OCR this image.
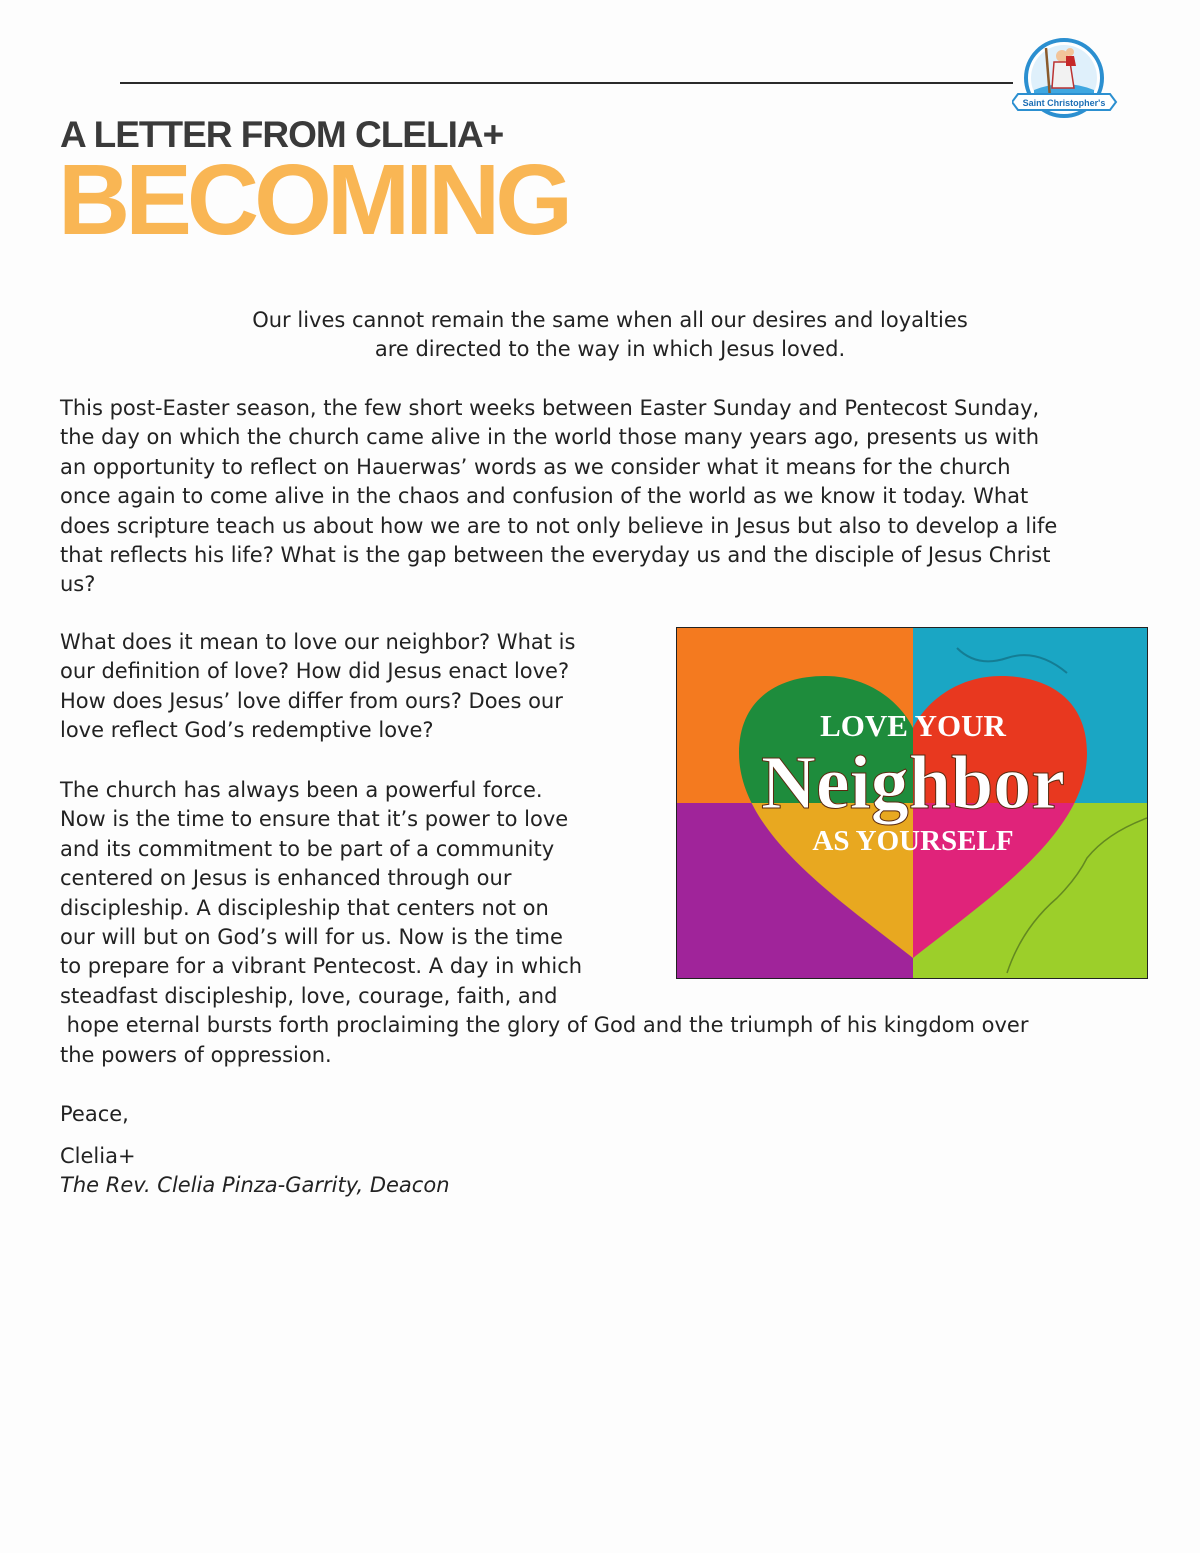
Saint Christopher's
A LETTER FROM CLELIA+
BECOMING
Our lives cannot remain the same when all our desires and loyalties
are directed to the way in which Jesus loved.
This post-Easter season, the few short weeks between Easter Sunday and Pentecost Sunday,
the day on which the church came alive in the world those many years ago, presents us with
an opportunity to reflect on Hauerwas’ words as we consider what it means for the church
once again to come alive in the chaos and confusion of the world as we know it today. What
does scripture teach us about how we are to not only believe in Jesus but also to develop a life
that reflects his life? What is the gap between the everyday us and the disciple of Jesus Christ
us?
What does it mean to love our neighbor? What is
our definition of love? How did Jesus enact love?
How does Jesus’ love differ from ours? Does our
love reflect God’s redemptive love?
The church has always been a powerful force.
Now is the time to ensure that it’s power to love
and its commitment to be part of a community
centered on Jesus is enhanced through our
discipleship. A discipleship that centers not on
our will but on God’s will for us. Now is the time
to prepare for a vibrant Pentecost. A day in which
steadfast discipleship, love, courage, faith, and
hope eternal bursts forth proclaiming the glory of God and the triumph of his kingdom over
the powers of oppression.
LOVE YOUR
Neighbor
AS YOURSELF
Peace,
Clelia+
The Rev. Clelia Pinza-Garrity, Deacon
